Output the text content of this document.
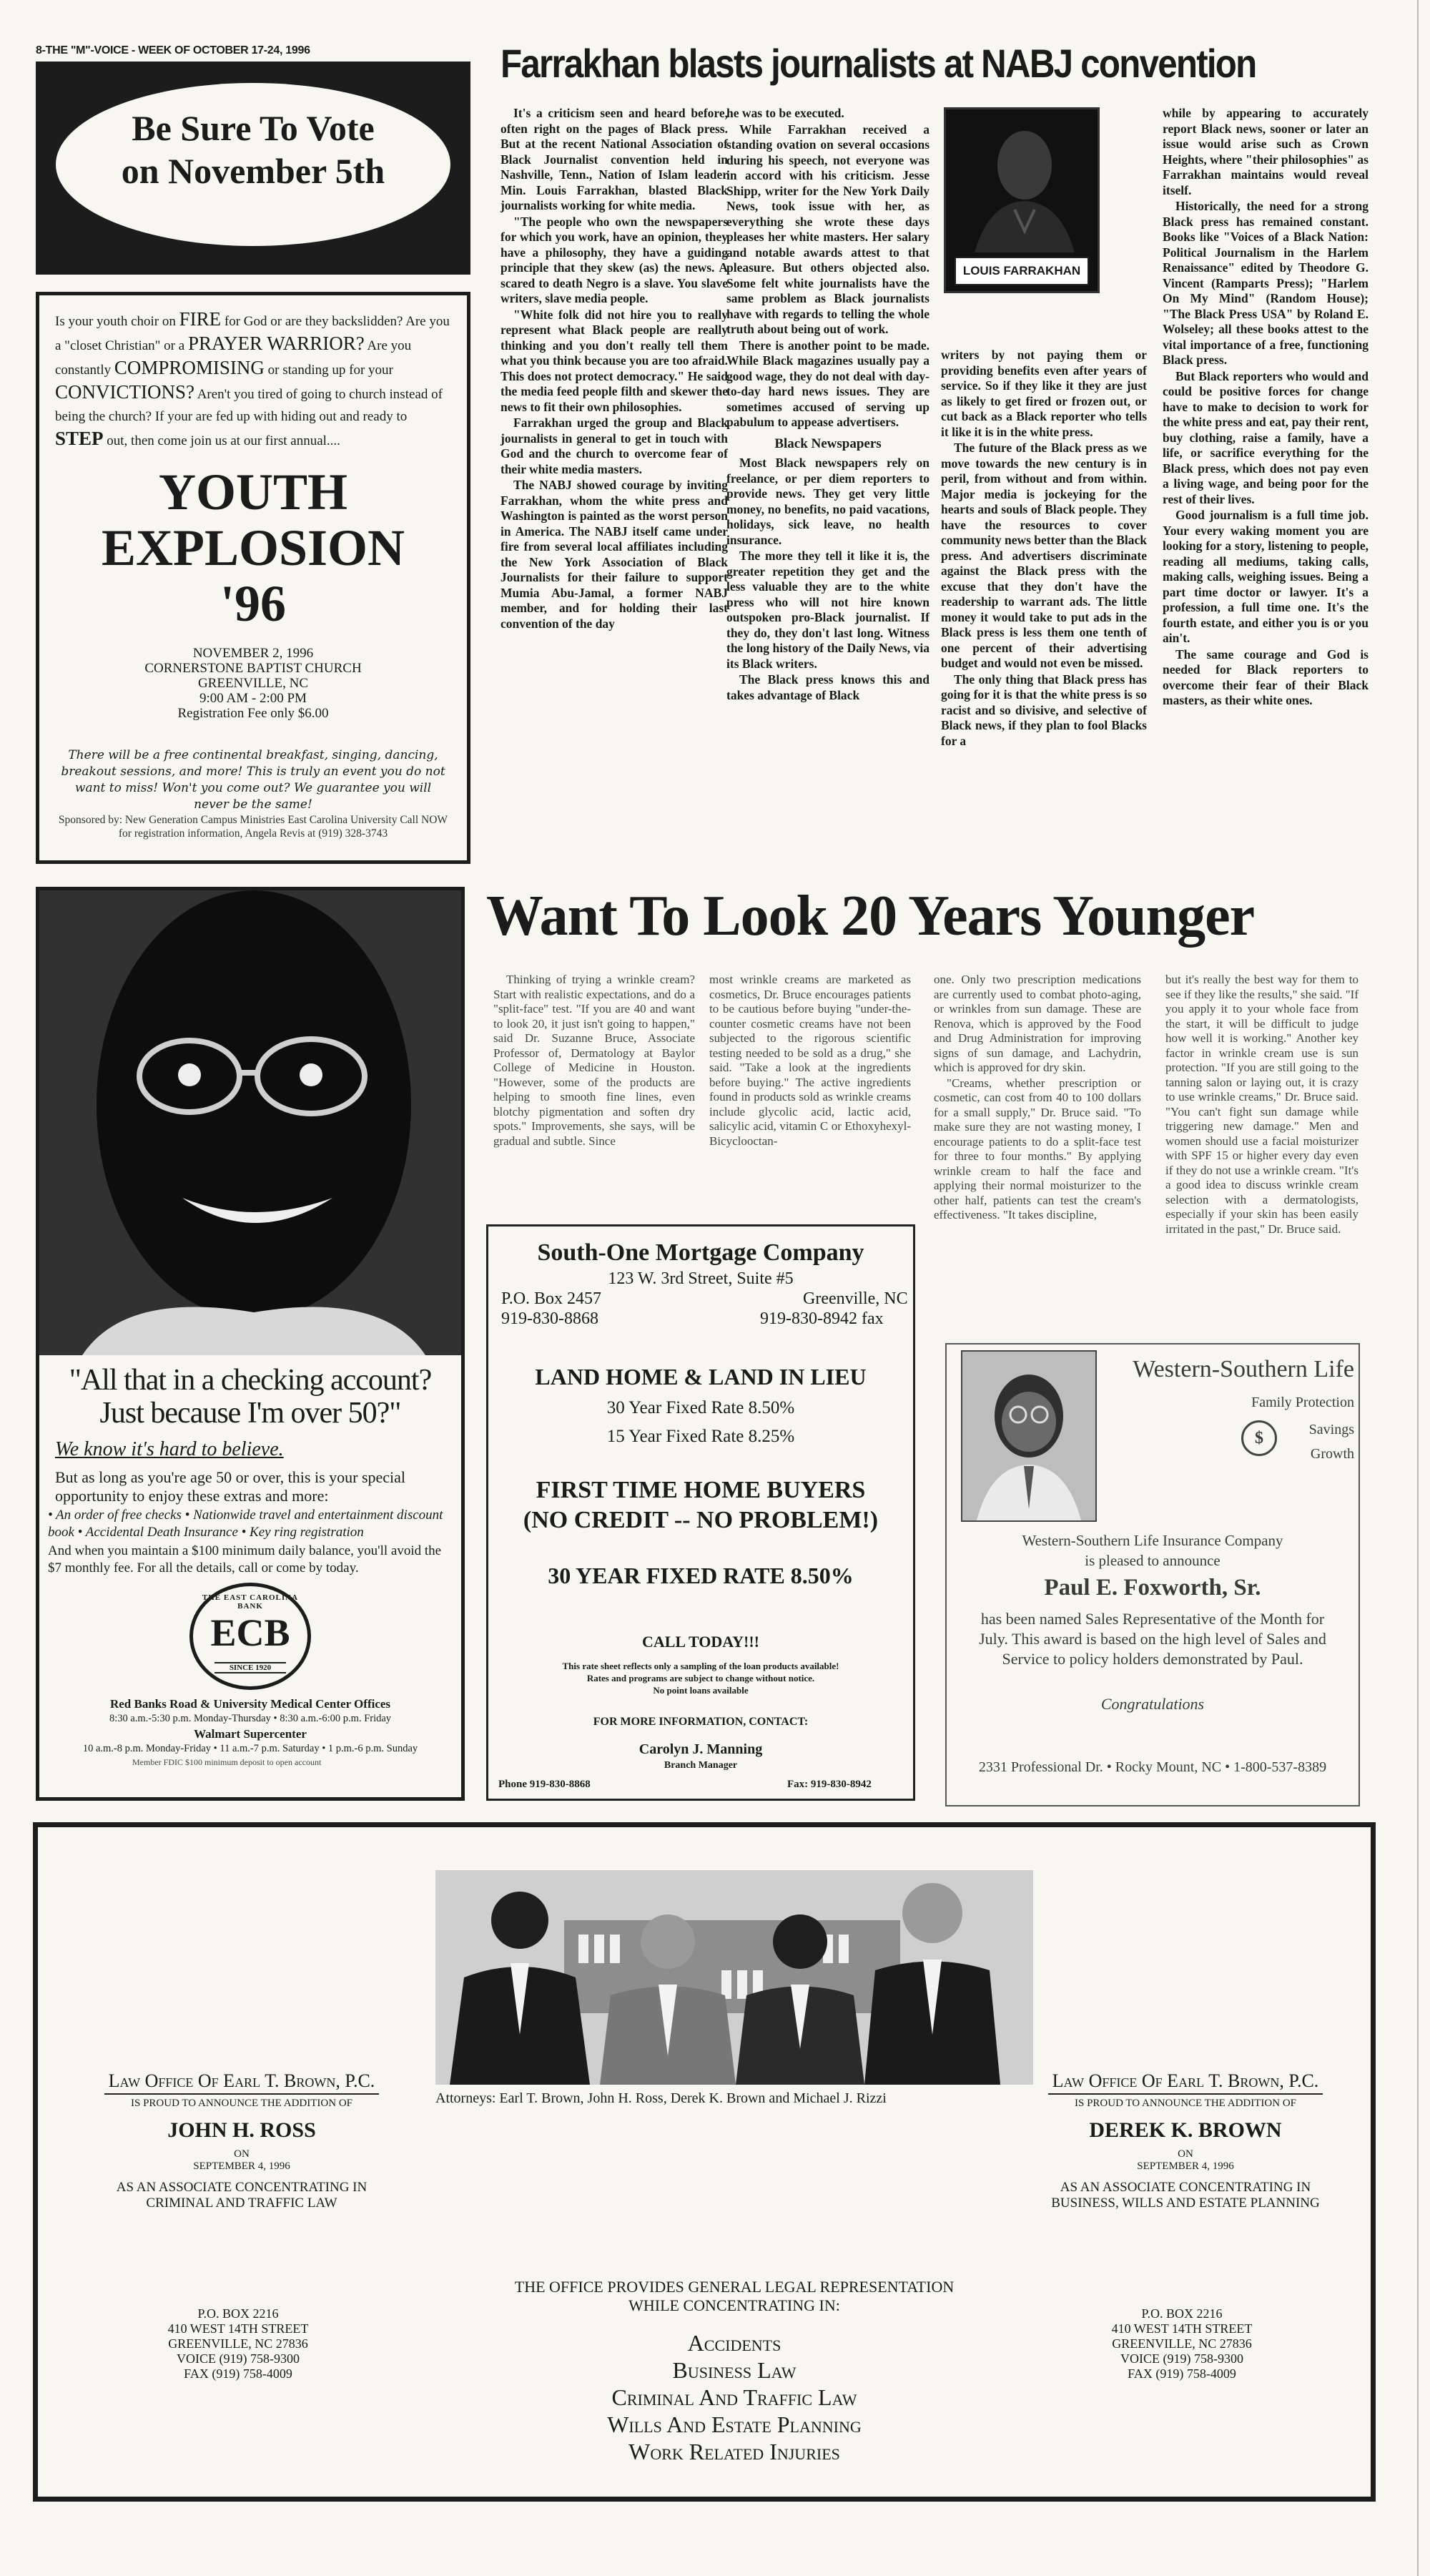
8-THE "M"-VOICE - WEEK OF OCTOBER 17-24, 1996
Be Sure To Vote
on November 5th
Is your youth choir on FIRE for God or are they backslidden? Are you a "closet Christian" or a PRAYER WARRIOR? Are you constantly COMPROMISING or standing up for your CONVICTIONS? Aren't you tired of going to church instead of being the church? If your are fed up with hiding out and ready to STEP out, then come join us at our first annual....
YOUTH
EXPLOSION
'96
NOVEMBER 2, 1996
CORNERSTONE BAPTIST CHURCH
GREENVILLE, NC
9:00 AM - 2:00 PM
Registration Fee only $6.00
There will be a free continental breakfast, singing, dancing, breakout sessions, and more! This is truly an event you do not want to miss! Won't you come out? We guarantee you will never be the same!
Sponsored by: New Generation Campus Ministries East Carolina University Call NOW for registration information, Angela Revis at (919) 328-3743
Farrakhan blasts journalists at NABJ convention

It's a criticism seen and heard before, often right on the pages of Black press. But at the recent National Association of Black Journalist convention held in Nashville, Tenn., Nation of Islam leader Min. Louis Farrakhan, blasted Black journalists working for white media.

"The people who own the newspapers for which you work, have an opinion, they have a philosophy, they have a guiding principle that they skew (as) the news. A scared to death Negro is a slave. You slave writers, slave media people.

"White folk did not hire you to really represent what Black people are really thinking and you don't really tell them what you think because you are too afraid. This does not protect democracy." He said the media feed people filth and skewer the news to fit their own philosophies.

Farrakhan urged the group and Black journalists in general to get in touch with God and the church to overcome fear of their white media masters.

The NABJ showed courage by inviting Farrakhan, whom the white press and Washington is painted as the worst person in America. The NABJ itself came under fire from several local affiliates including the New York Association of Black Journalists for their failure to support Mumia Abu-Jamal, a former NABJ member, and for holding their last convention of the day

he was to be executed.

While Farrakhan received a standing ovation on several occasions during his speech, not everyone was in accord with his criticism. Jesse Shipp, writer for the New York Daily News, took issue with her, as everything she wrote these days pleases her white masters. Her salary and notable awards attest to that pleasure. But others objected also. Some felt white journalists have the same problem as Black journalists have with regards to telling the whole truth about being out of work.

There is another point to be made. While Black magazines usually pay a good wage, they do not deal with day-to-day hard news issues. They are sometimes accused of serving up pabulum to appease advertisers.

Black Newspapers

Most Black newspapers rely on freelance, or per diem reporters to provide news. They get very little money, no benefits, no paid vacations, holidays, sick leave, no health insurance.

The more they tell it like it is, the greater repetition they get and the less valuable they are to the white press who will not hire known outspoken pro-Black journalist. If they do, they don't last long. Witness the long history of the Daily News, via its Black writers.

The Black press knows this and takes advantage of Black

LOUIS FARRAKHAN

writers by not paying them or providing benefits even after years of service. So if they like it they are just as likely to get fired or frozen out, or cut back as a Black reporter who tells it like it is in the white press.

The future of the Black press as we move towards the new century is in peril, from without and from within. Major media is jockeying for the hearts and souls of Black people. They have the resources to cover community news better than the Black press. And advertisers discriminate against the Black press with the excuse that they don't have the readership to warrant ads. The little money it would take to put ads in the Black press is less them one tenth of one percent of their advertising budget and would not even be missed.

The only thing that Black press has going for it is that the white press is so racist and so divisive, and selective of Black news, if they plan to fool Blacks for a

while by appearing to accurately report Black news, sooner or later an issue would arise such as Crown Heights, where "their philosophies" as Farrakhan maintains would reveal itself.

Historically, the need for a strong Black press has remained constant. Books like "Voices of a Black Nation: Political Journalism in the Harlem Renaissance" edited by Theodore G. Vincent (Ramparts Press); "Harlem On My Mind" (Random House); "The Black Press USA" by Roland E. Wolseley; all these books attest to the vital importance of a free, functioning Black press.

But Black reporters who would and could be positive forces for change have to make to decision to work for the white press and eat, pay their rent, buy clothing, raise a family, have a life, or sacrifice everything for the Black press, which does not pay even a living wage, and being poor for the rest of their lives.

Good journalism is a full time job. Your every waking moment you are looking for a story, listening to people, reading all mediums, taking calls, making calls, weighing issues. Being a part time doctor or lawyer. It's a profession, a full time one. It's the fourth estate, and either you is or you ain't.

The same courage and God is needed for Black reporters to overcome their fear of their Black masters, as their white ones.

"All that in a checking account?
Just because I'm over 50?"
We know it's hard to believe.
But as long as you're age 50 or over, this is your special opportunity to enjoy these extras and more:
• An order of free checks • Nationwide travel and entertainment discount book • Accidental Death Insurance • Key ring registration
And when you maintain a $100 minimum daily balance, you'll avoid the $7 monthly fee. For all the details, call or come by today.
THE EAST CAROLINA BANK
ECB
SINCE 1920
Red Banks Road & University Medical Center Offices
8:30 a.m.-5:30 p.m. Monday-Thursday • 8:30 a.m.-6:00 p.m. Friday
Walmart Supercenter
10 a.m.-8 p.m. Monday-Friday • 11 a.m.-7 p.m. Saturday • 1 p.m.-6 p.m. Sunday
Member FDIC $100 minimum deposit to open account
Want To Look 20 Years Younger

Thinking of trying a wrinkle cream? Start with realistic expectations, and do a "split-face" test. "If you are 40 and want to look 20, it just isn't going to happen," said Dr. Suzanne Bruce, Associate Professor of, Dermatology at Baylor College of Medicine in Houston. "However, some of the products are helping to smooth fine lines, even blotchy pigmentation and soften dry spots." Improvements, she says, will be gradual and subtle. Since

most wrinkle creams are marketed as cosmetics, Dr. Bruce encourages patients to be cautious before buying "under-the-counter cosmetic creams have not been subjected to the rigorous scientific testing needed to be sold as a drug," she said. "Take a look at the ingredients before buying." The active ingredients found in products sold as wrinkle creams include glycolic acid, lactic acid, salicylic acid, vitamin C or Ethoxyhexyl-Bicyclooctan-

one. Only two prescription medications are currently used to combat photo-aging, or wrinkles from sun damage. These are Renova, which is approved by the Food and Drug Administration for improving signs of sun damage, and Lachydrin, which is approved for dry skin.

"Creams, whether prescription or cosmetic, can cost from 40 to 100 dollars for a small supply," Dr. Bruce said. "To make sure they are not wasting money, I encourage patients to do a split-face test for three to four months." By applying wrinkle cream to half the face and applying their normal moisturizer to the other half, patients can test the cream's effectiveness. "It takes discipline,

but it's really the best way for them to see if they like the results," she said. "If you apply it to your whole face from the start, it will be difficult to judge how well it is working." Another key factor in wrinkle cream use is sun protection. "If you are still going to the tanning salon or laying out, it is crazy to use wrinkle creams," Dr. Bruce said. "You can't fight sun damage while triggering new damage." Men and women should use a facial moisturizer with SPF 15 or higher every day even if they do not use a wrinkle cream. "It's a good idea to discuss wrinkle cream selection with a dermatologists, especially if your skin has been easily irritated in the past," Dr. Bruce said.

South-One Mortgage Company
123 W. 3rd Street, Suite #5
P.O. Box 2457	Greenville, NC
919-830-8868	919-830-8942 fax
LAND HOME & LAND IN LIEU
30 Year Fixed Rate 8.50%
15 Year Fixed Rate 8.25%
FIRST TIME HOME BUYERS
(NO CREDIT -- NO PROBLEM!)
30 YEAR FIXED RATE 8.50%
CALL TODAY!!!
This rate sheet reflects only a sampling of the loan products available!
Rates and programs are subject to change without notice.
No point loans available
FOR MORE INFORMATION, CONTACT:
Carolyn J. Manning
Branch Manager
Phone 919-830-8868	Fax: 919-830-8942
Western-Southern Life
Family Protection
$	Savings
Growth
Western-Southern Life Insurance Company
is pleased to announce
Paul E. Foxworth, Sr.
has been named Sales Representative of the Month for July. This award is based on the high level of Sales and Service to policy holders demonstrated by Paul.
Congratulations
2331 Professional Dr. • Rocky Mount, NC • 1-800-537-8389
Attorneys: Earl T. Brown, John H. Ross, Derek K. Brown and Michael J. Rizzi
Law Office Of Earl T. Brown, P.C.
IS PROUD TO ANNOUNCE THE ADDITION OF
JOHN H. ROSS
ON
SEPTEMBER 4, 1996
AS AN ASSOCIATE CONCENTRATING IN
CRIMINAL AND TRAFFIC LAW
Law Office Of Earl T. Brown, P.C.
IS PROUD TO ANNOUNCE THE ADDITION OF
DEREK K. BROWN
ON
SEPTEMBER 4, 1996
AS AN ASSOCIATE CONCENTRATING IN
BUSINESS, WILLS AND ESTATE PLANNING
THE OFFICE PROVIDES GENERAL LEGAL REPRESENTATION
WHILE CONCENTRATING IN:
Accidents
Business Law
Criminal And Traffic Law
Wills And Estate Planning
Work Related Injuries
P.O. BOX 2216
410 WEST 14TH STREET
GREENVILLE, NC 27836
VOICE (919) 758-9300
FAX (919) 758-4009
P.O. BOX 2216
410 WEST 14TH STREET
GREENVILLE, NC 27836
VOICE (919) 758-9300
FAX (919) 758-4009
